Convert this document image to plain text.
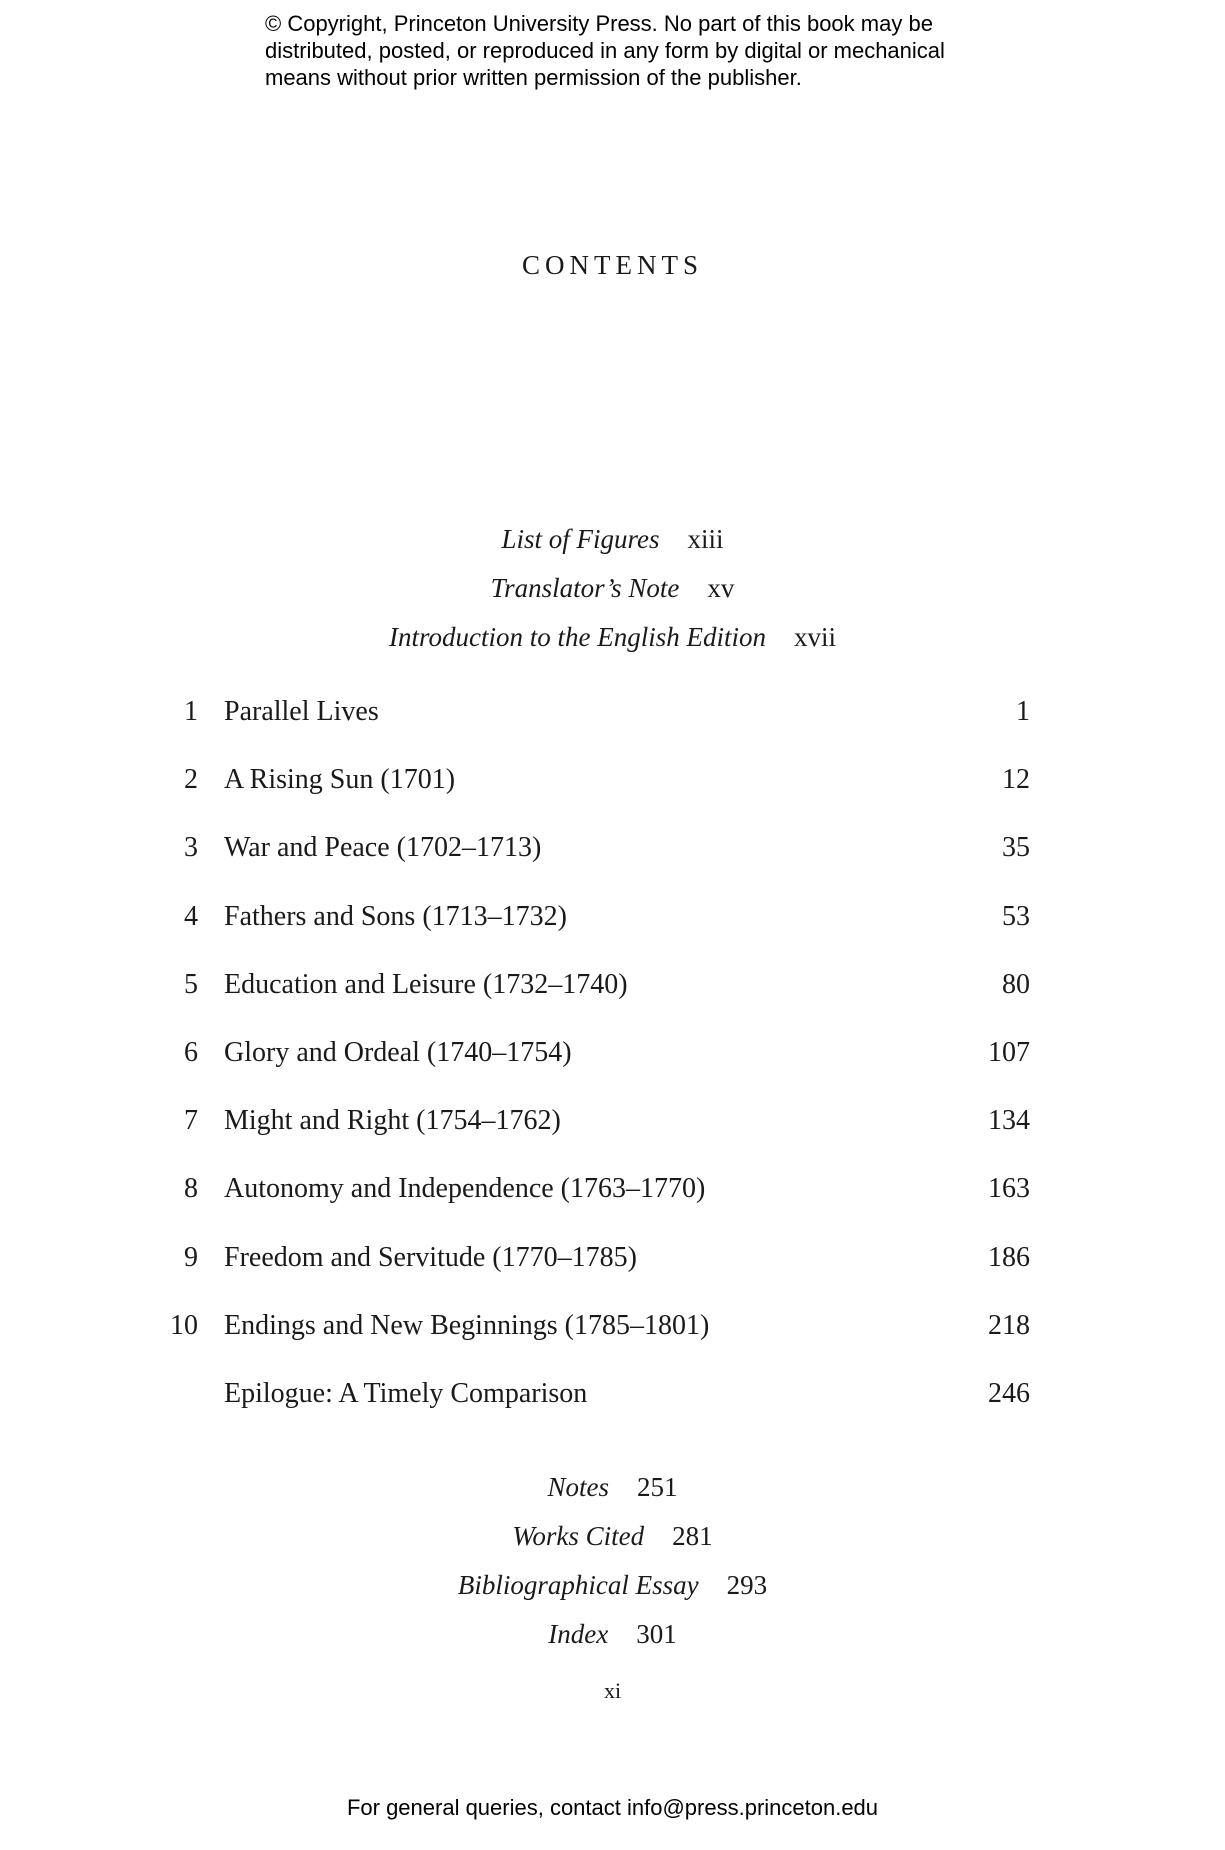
© Copyright, Princeton University Press. No part of this book may be distributed, posted, or reproduced in any form by digital or mechanical means without prior written permission of the publisher.
CONTENTS
List of Figures xiii
Translator’s Note xv
Introduction to the English Edition xvii
1 Parallel Lives	1
2 A Rising Sun (1701)	12
3 War and Peace (1702–1713)	35
4 Fathers and Sons (1713–1732)	53
5 Education and Leisure (1732–1740)	80
6 Glory and Ordeal (1740–1754)	107
7 Might and Right (1754–1762)	134
8 Autonomy and Independence (1763–1770)	163
9 Freedom and Servitude (1770–1785)	186
10 Endings and New Beginnings (1785–1801)	218
Epilogue: A Timely Comparison	246
Notes 251
Works Cited 281
Bibliographical Essay 293
Index 301
xi
For general queries, contact info@press.princeton.edu
